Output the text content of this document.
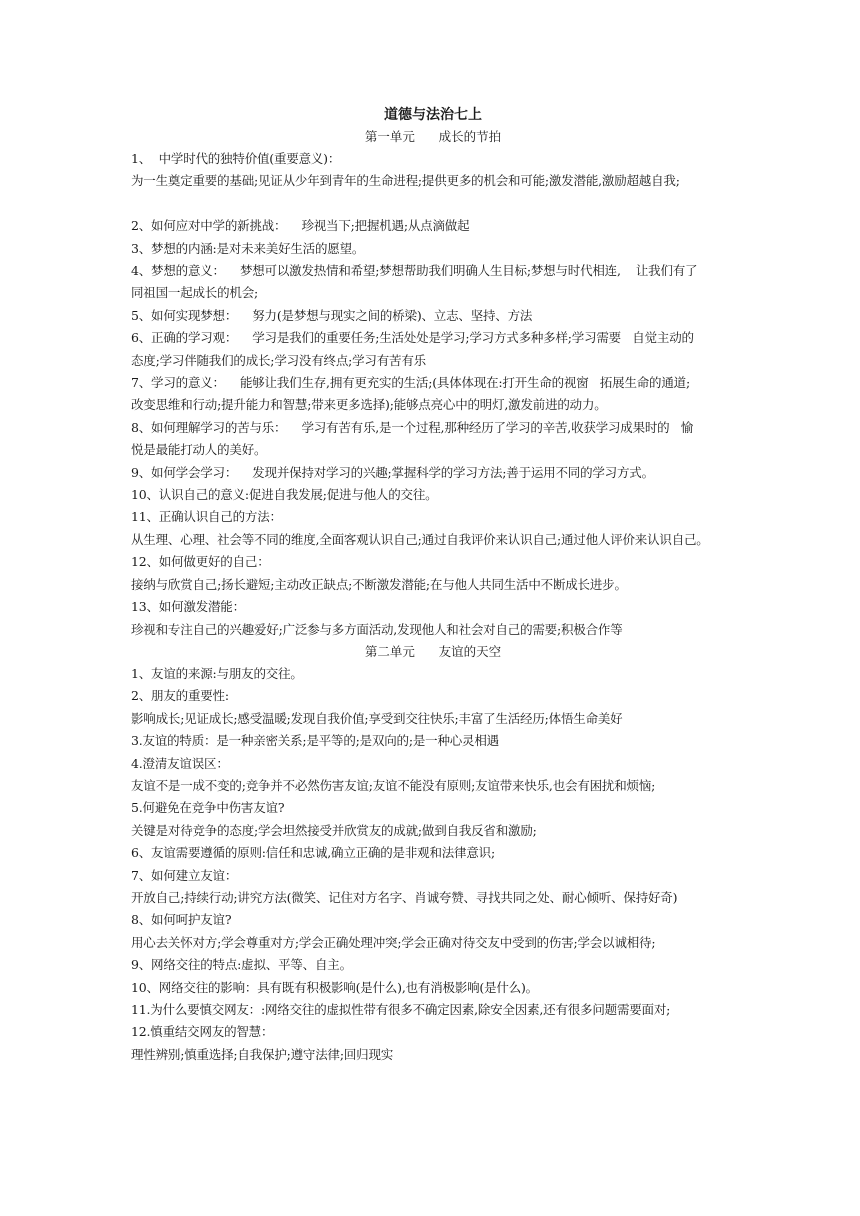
道德与法治七上

第一单元      成长的节拍

1、  中学时代的独特价值(重要意义)：

为一生奠定重要的基础;见证从少年到青年的生命进程;提供更多的机会和可能;激发潜能,激励超越自我;

2、如何应对中学的新挑战：    珍视当下;把握机遇;从点滴做起

3、梦想的内涵:是对未来美好生活的愿望。

4、梦想的意义：    梦想可以激发热情和希望;梦想帮助我们明确人生目标;梦想与时代相连,    让我们有了

同祖国一起成长的机会;

5、如何实现梦想：    努力(是梦想与现实之间的桥梁)、立志、坚持、方法

6、正确的学习观：    学习是我们的重要任务;生活处处是学习;学习方式多种多样;学习需要   自觉主动的

态度;学习伴随我们的成长;学习没有终点;学习有苦有乐

7、学习的意义：    能够让我们生存,拥有更充实的生活;(具体体现在:打开生命的视窗   拓展生命的通道;

改变思维和行动;提升能力和智慧;带来更多选择);能够点亮心中的明灯,激发前进的动力。

8、如何理解学习的苦与乐：    学习有苦有乐,是一个过程,那种经历了学习的辛苦,收获学习成果时的   愉

悦是最能打动人的美好。

9、如何学会学习：    发现并保持对学习的兴趣;掌握科学的学习方法;善于运用不同的学习方式。

10、认识自己的意义:促进自我发展;促进与他人的交往。

11、正确认识自己的方法：

从生理、心理、社会等不同的维度,全面客观认识自己;通过自我评价来认识自己;通过他人评价来认识自己。

12、如何做更好的自己：

接纳与欣赏自己;扬长避短;主动改正缺点;不断激发潜能;在与他人共同生活中不断成长进步。

13、如何激发潜能：

珍视和专注自己的兴趣爱好;广泛参与多方面活动,发现他人和社会对自己的需要;积极合作等

第二单元      友谊的天空

1、友谊的来源:与朋友的交往。

2、朋友的重要性:

影响成长;见证成长;感受温暖;发现自我价值;享受到交往快乐;丰富了生活经历;体悟生命美好

3.友谊的特质：是一种亲密关系;是平等的;是双向的;是一种心灵相遇

4.澄清友谊误区：

友谊不是一成不变的;竞争并不必然伤害友谊;友谊不能没有原则;友谊带来快乐,也会有困扰和烦恼;

5.何避免在竞争中伤害友谊?

关键是对待竞争的态度;学会坦然接受并欣赏友的成就;做到自我反省和激励;

6、友谊需要遵循的原则:信任和忠诚,确立正确的是非观和法律意识;

7、如何建立友谊：

开放自己;持续行动;讲究方法(微笑、记住对方名字、肖诚夸赞、寻找共同之处、耐心倾听、保持好奇)

8、如何呵护友谊?

用心去关怀对方;学会尊重对方;学会正确处理冲突;学会正确对待交友中受到的伤害;学会以诚相待;

9、网络交往的特点:虚拟、平等、自主。

10、网络交往的影响：具有既有积极影响(是什么),也有消极影响(是什么)。

11.为什么要慎交网友：:网络交往的虚拟性带有很多不确定因素,除安全因素,还有很多问题需要面对;

12.慎重结交网友的智慧：

理性辨别;慎重选择;自我保护;遵守法律;回归现实
